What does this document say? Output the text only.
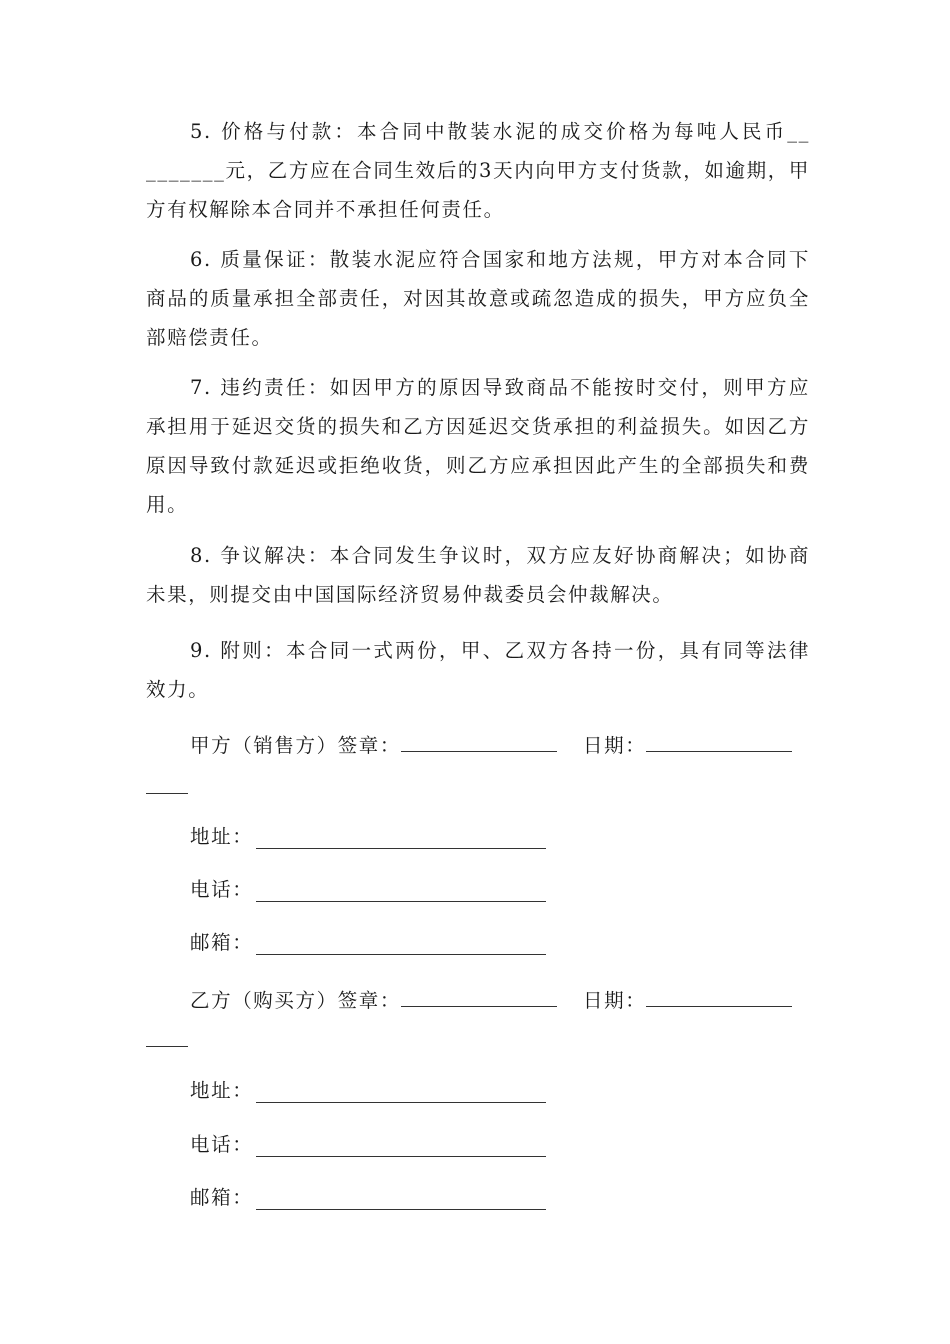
5. 价格与付款：本合同中散装水泥的成交价格为每吨人民币__ _______元，乙方应在合同生效后的3天内向甲方支付货款，如逾期，甲方有权解除本合同并不承担任何责任。

6. 质量保证：散装水泥应符合国家和地方法规，甲方对本合同下商品的质量承担全部责任，对因其故意或疏忽造成的损失，甲方应负全部赔偿责任。

7. 违约责任：如因甲方的原因导致商品不能按时交付，则甲方应承担用于延迟交货的损失和乙方因延迟交货承担的利益损失。如因乙方原因导致付款延迟或拒绝收货，则乙方应承担因此产生的全部损失和费用。

8. 争议解决：本合同发生争议时，双方应友好协商解决；如协商未果，则提交由中国国际经济贸易仲裁委员会仲裁解决。

9. 附则：本合同一式两份，甲、乙双方各持一份，具有同等法律效力。

甲方（销售方）签章：	日期：
地址：
电话：
邮箱：
乙方（购买方）签章：	日期：
地址：
电话：
邮箱：
